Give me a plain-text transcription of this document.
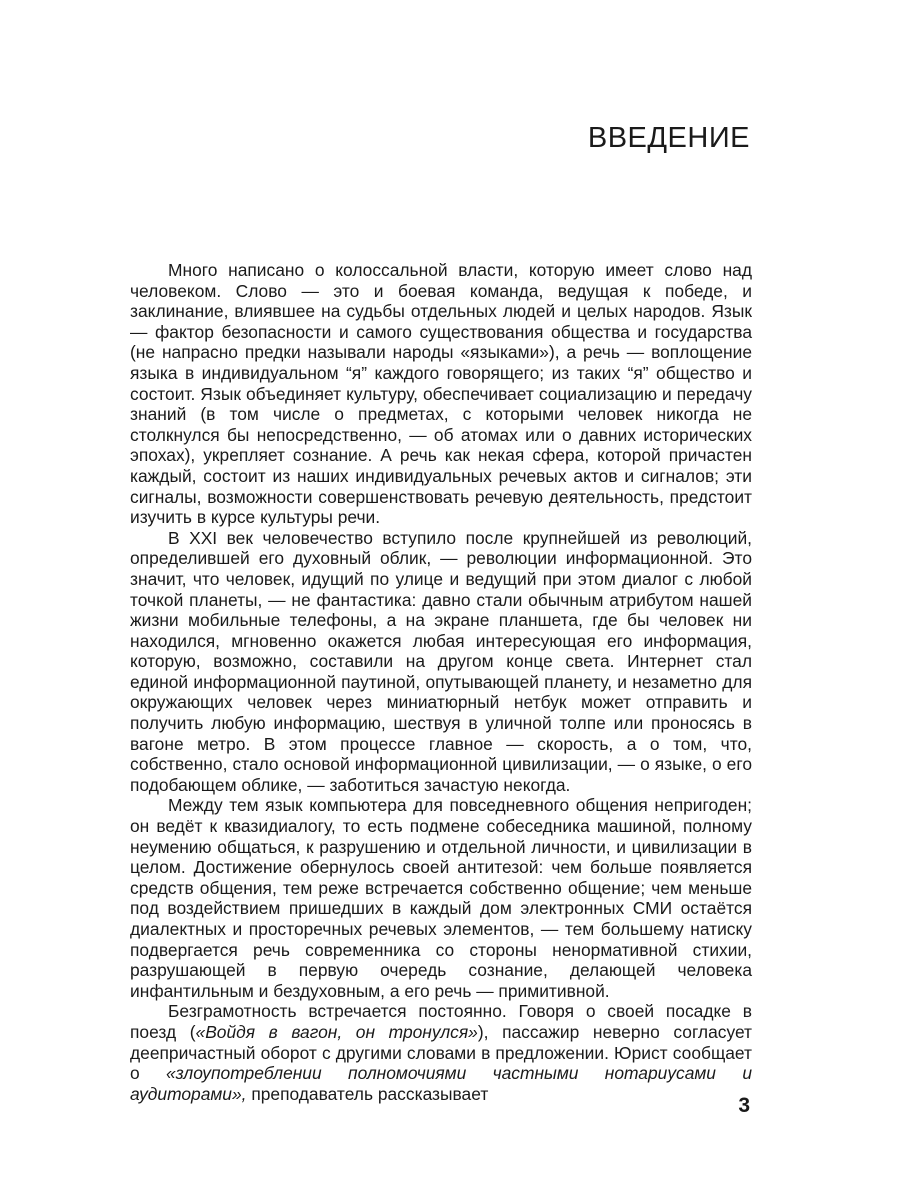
ВВЕДЕНИЕ

Много написано о колоссальной власти, которую имеет слово над человеком. Слово — это и боевая команда, ведущая к победе, и заклинание, влиявшее на судьбы отдельных людей и целых народов. Язык — фактор безопасности и самого существования общества и государства (не напрасно предки называли народы «языками»), а речь — воплощение языка в индивидуальном “я” каждого говорящего; из таких “я” общество и состоит. Язык объединяет культуру, обеспечивает социализацию и передачу знаний (в том числе о предметах, с которыми человек никогда не столкнулся бы непосредственно, — об атомах или о давних исторических эпохах), укрепляет сознание. А речь как некая сфера, которой причастен каждый, состоит из наших индивидуальных речевых актов и сигналов; эти сигналы, возможности совершенствовать речевую деятельность, предстоит изучить в курсе культуры речи.

В XXI век человечество вступило после крупнейшей из революций, определившей его духовный облик, — революции информационной. Это значит, что человек, идущий по улице и ведущий при этом диалог с любой точкой планеты, — не фантастика: давно стали обычным атрибутом нашей жизни мобильные телефоны, а на экране планшета, где бы человек ни находился, мгновенно окажется любая интересующая его информация, которую, возможно, составили на другом конце света. Интернет стал единой информационной паутиной, опутывающей планету, и незаметно для окружающих человек через миниатюрный нетбук может отправить и получить любую информацию, шествуя в уличной толпе или проносясь в вагоне метро. В этом процессе главное — скорость, а о том, что, собственно, стало основой информационной цивилизации, — о языке, о его подобающем облике, — заботиться зачастую некогда.

Между тем язык компьютера для повседневного общения непригоден; он ведёт к квазидиалогу, то есть подмене собеседника машиной, полному неумению общаться, к разрушению и отдельной личности, и цивилизации в целом. Достижение обернулось своей антитезой: чем больше появляется средств общения, тем реже встречается собственно общение; чем меньше под воздействием пришедших в каждый дом электронных СМИ остаётся диалектных и просторечных речевых элементов, — тем большему натиску подвергается речь современника со стороны ненормативной стихии, разрушающей в первую очередь сознание, делающей человека инфантильным и бездуховным, а его речь — примитивной.

Безграмотность встречается постоянно. Говоря о своей посадке в поезд («Войдя в вагон, он тронулся»), пассажир неверно согласует деепричастный оборот с другими словами в предложении. Юрист сообщает о «злоупотреблении полномочиями частными нотариусами и аудиторами», преподаватель рассказывает

3
